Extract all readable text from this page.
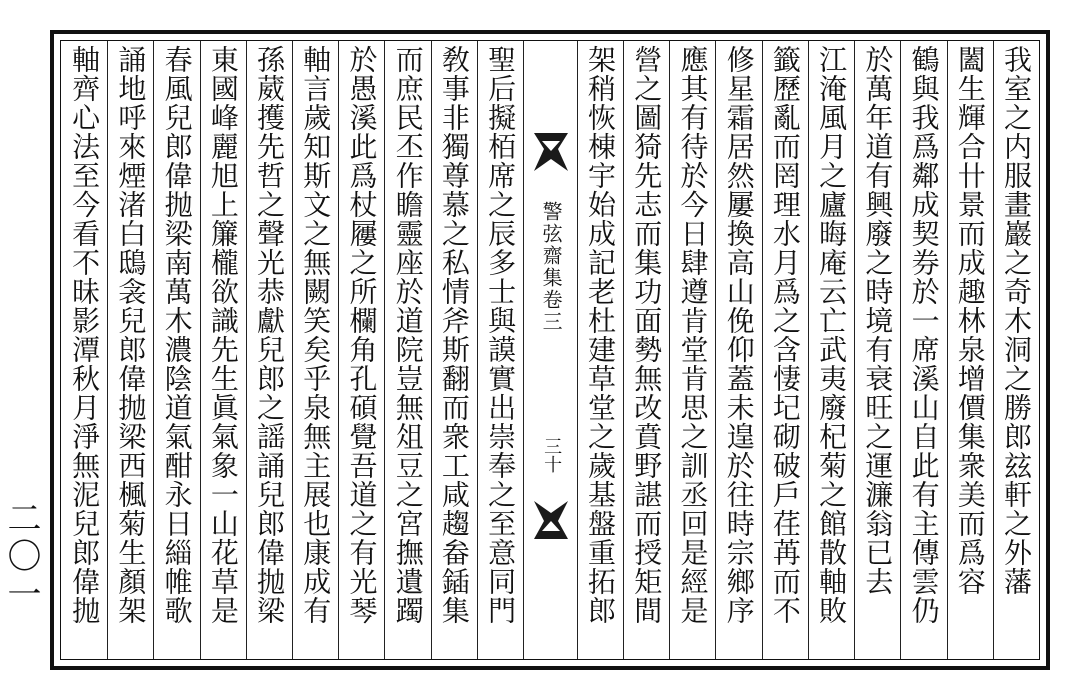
二〇一	我室之内服畫巖之奇木洞之勝郎玆軒之外藩
闔生輝合卄景而成趣林泉增價集衆美而爲容
鶴與我爲鄰成契券於一席溪山自此有主傳雲仍
於萬年道有興廢之時境有衰旺之運濂翁已去
江淹風月之廬晦庵云亡武夷廢杞菊之館散軸敗
籤歷亂而罔理水月爲之含悽圮砌破戶荏苒而不
修星霜居然屢換高山俛仰蓋未遑於往時宗鄉序
應其有待於今日肆遵肯堂肯思之訓丞回是經是
營之圖猗先志而集功面勢無改賁野諶而授矩間
架稍恢棟宇始成記老杜建草堂之歲基盤重拓郎
警弦齋集卷三
三十
聖后擬栢席之辰多士與謨實出崇奉之至意同門
敎事非獨尊慕之私情斧斯翻而衆工咸趨畚鍤集
而庶民丕作瞻靈座於道院豈無俎豆之宮撫遺躅
於愚溪此爲杖屨之所欄角孔碩覺吾道之有光琴
軸言歲知斯文之無闕笑矣乎泉無主展也康成有
孫葳擭先哲之聲光恭獻兒郎之謡誦兒郎偉抛梁
東國峰麗旭上簾櫳欲識先生眞氣象一山花草是
春風兒郎偉抛梁南萬木濃陰道氣酣永日緇帷歌
誦地呼來煙渚白鴟衾兒郎偉抛梁西楓菊生顏架
軸齊心法至今看不昧影潭秋月淨無泥兒郎偉抛
